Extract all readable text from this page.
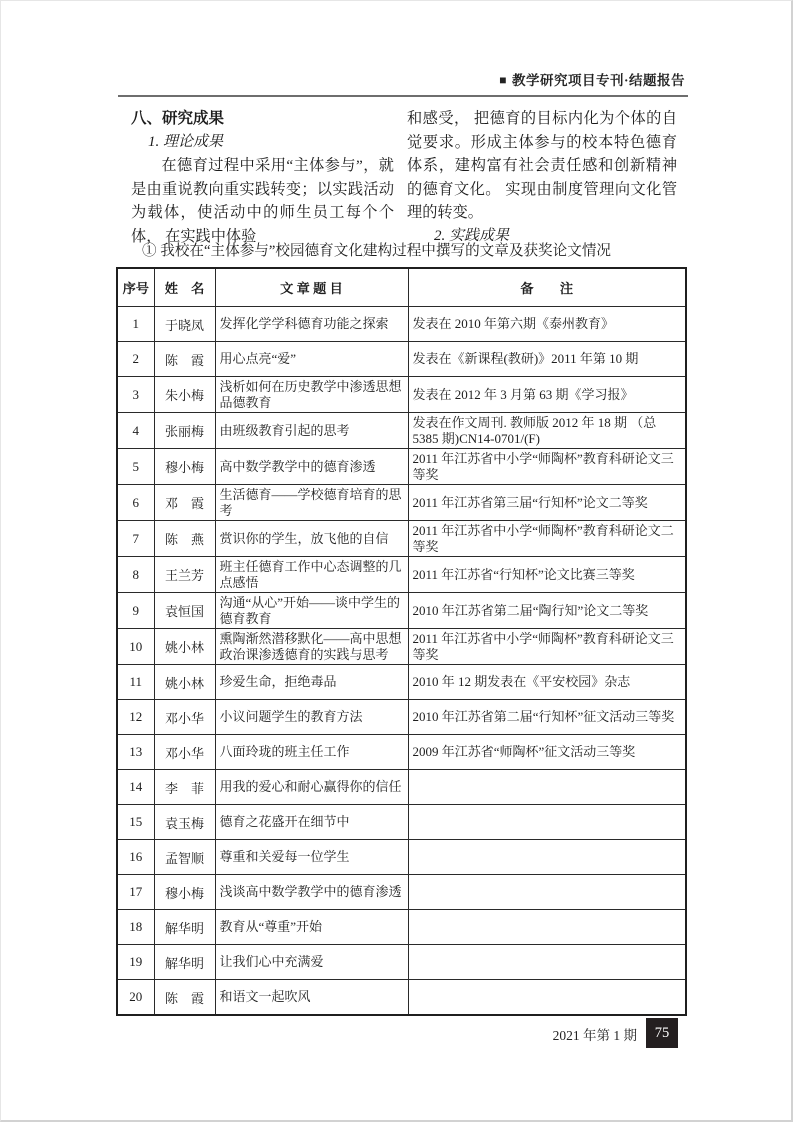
■ 教学研究项目专刊·结题报告

八、研究成果

1. 理论成果

在德育过程中采用“主体参与”，就是由重说教向重实践转变；以实践活动为载体，使活动中的师生员工每个个体， 在实践中体验

和感受， 把德育的目标内化为个体的自觉要求。形成主体参与的校本特色德育体系，建构富有社会责任感和创新精神的德育文化。 实现由制度管理向文化管理的转变。

2. 实践成果

① 我校在“主体参与”校园德育文化建构过程中撰写的文章及获奖论文情况
序号	姓　名	文 章 题 目	备　　注
1	于晓凤	发挥化学学科德育功能之探索	发表在 2010 年第六期《泰州教育》
2	陈　霞	用心点亮“爱”	发表在《新课程(教研)》2011 年第 10 期
3	朱小梅	浅析如何在历史教学中渗透思想品德教育	发表在 2012 年 3 月第 63 期《学习报》
4	张丽梅	由班级教育引起的思考	发表在作文周刊. 教师版 2012 年 18 期 （总 5385 期)CN14-0701/(F)
5	穆小梅	高中数学教学中的德育渗透	2011 年江苏省中小学“师陶杯”教育科研论文三等奖
6	邓　霞	生活德育——学校德育培育的思考	2011 年江苏省第三届“行知杯”论文二等奖
7	陈　燕	赏识你的学生，放飞他的自信	2011 年江苏省中小学“师陶杯”教育科研论文二等奖
8	王兰芳	班主任德育工作中心态调整的几点感悟	2011 年江苏省“行知杯”论文比赛三等奖
9	袁恒国	沟通“从心”开始——谈中学生的德育教育	2010 年江苏省第二届“陶行知”论文二等奖
10	姚小林	熏陶渐然潜移默化——高中思想政治课渗透德育的实践与思考	2011 年江苏省中小学“师陶杯”教育科研论文三等奖
11	姚小林	珍爱生命，拒绝毒品	2010 年 12 期发表在《平安校园》杂志
12	邓小华	小议问题学生的教育方法	2010 年江苏省第二届“行知杯”征文活动三等奖
13	邓小华	八面玲珑的班主任工作	2009 年江苏省“师陶杯”征文活动三等奖
14	李　菲	用我的爱心和耐心赢得你的信任	
15	袁玉梅	德育之花盛开在细节中	
16	孟智顺	尊重和关爱每一位学生	
17	穆小梅	浅谈高中数学教学中的德育渗透	
18	解华明	教育从“尊重”开始	
19	解华明	让我们心中充满爱	
20	陈　霞	和语文一起吹风	
2021 年第 1 期	75
